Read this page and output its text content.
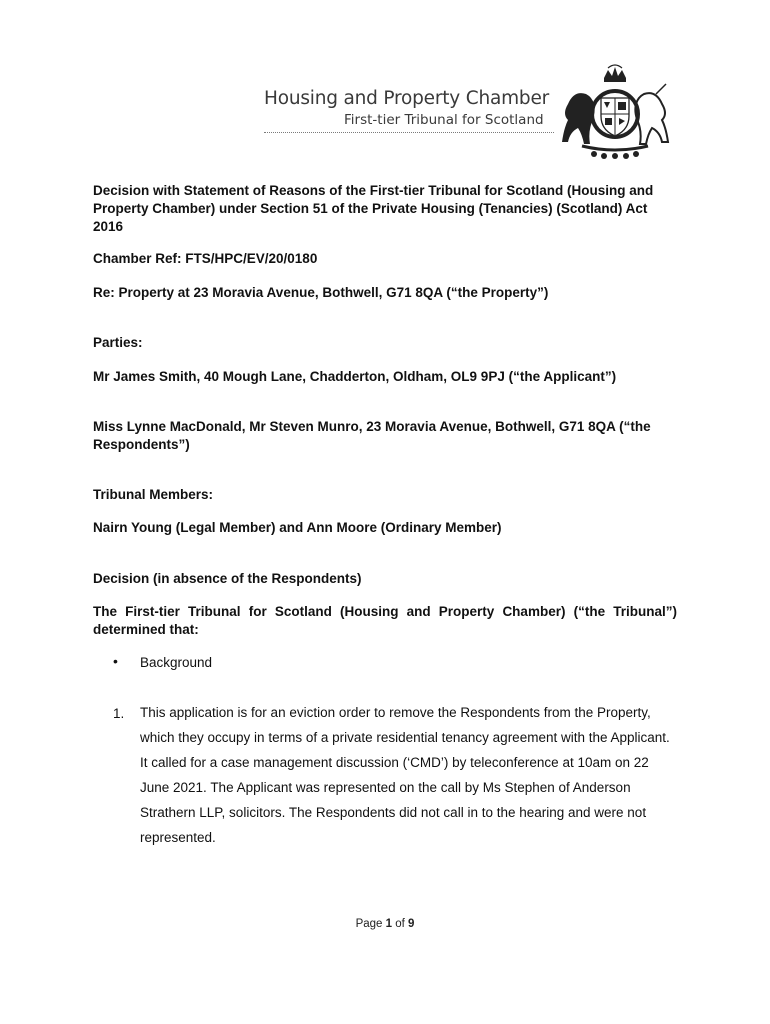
Housing and Property Chamber
First-tier Tribunal for Scotland

Decision with Statement of Reasons of the First-tier Tribunal for Scotland (Housing and Property Chamber) under Section 51 of the Private Housing (Tenancies) (Scotland) Act 2016

Chamber Ref: FTS/HPC/EV/20/0180

Re: Property at 23 Moravia Avenue, Bothwell, G71 8QA (“the Property”)

Parties:

Mr James Smith, 40 Mough Lane, Chadderton, Oldham, OL9 9PJ (“the Applicant”)

Miss Lynne MacDonald, Mr Steven Munro, 23 Moravia Avenue, Bothwell, G71 8QA (“the Respondents”)

Tribunal Members:

Nairn Young (Legal Member) and Ann Moore (Ordinary Member)

Decision (in absence of the Respondents)

The First-tier Tribunal for Scotland (Housing and Property Chamber) (“the Tribunal”) determined that:

• Background
1. This application is for an eviction order to remove the Respondents from the Property, which they occupy in terms of a private residential tenancy agreement with the Applicant. It called for a case management discussion (‘CMD’) by teleconference at 10am on 22 June 2021. The Applicant was represented on the call by Ms Stephen of Anderson Strathern LLP, solicitors. The Respondents did not call in to the hearing and were not represented.

Page 1 of 9
